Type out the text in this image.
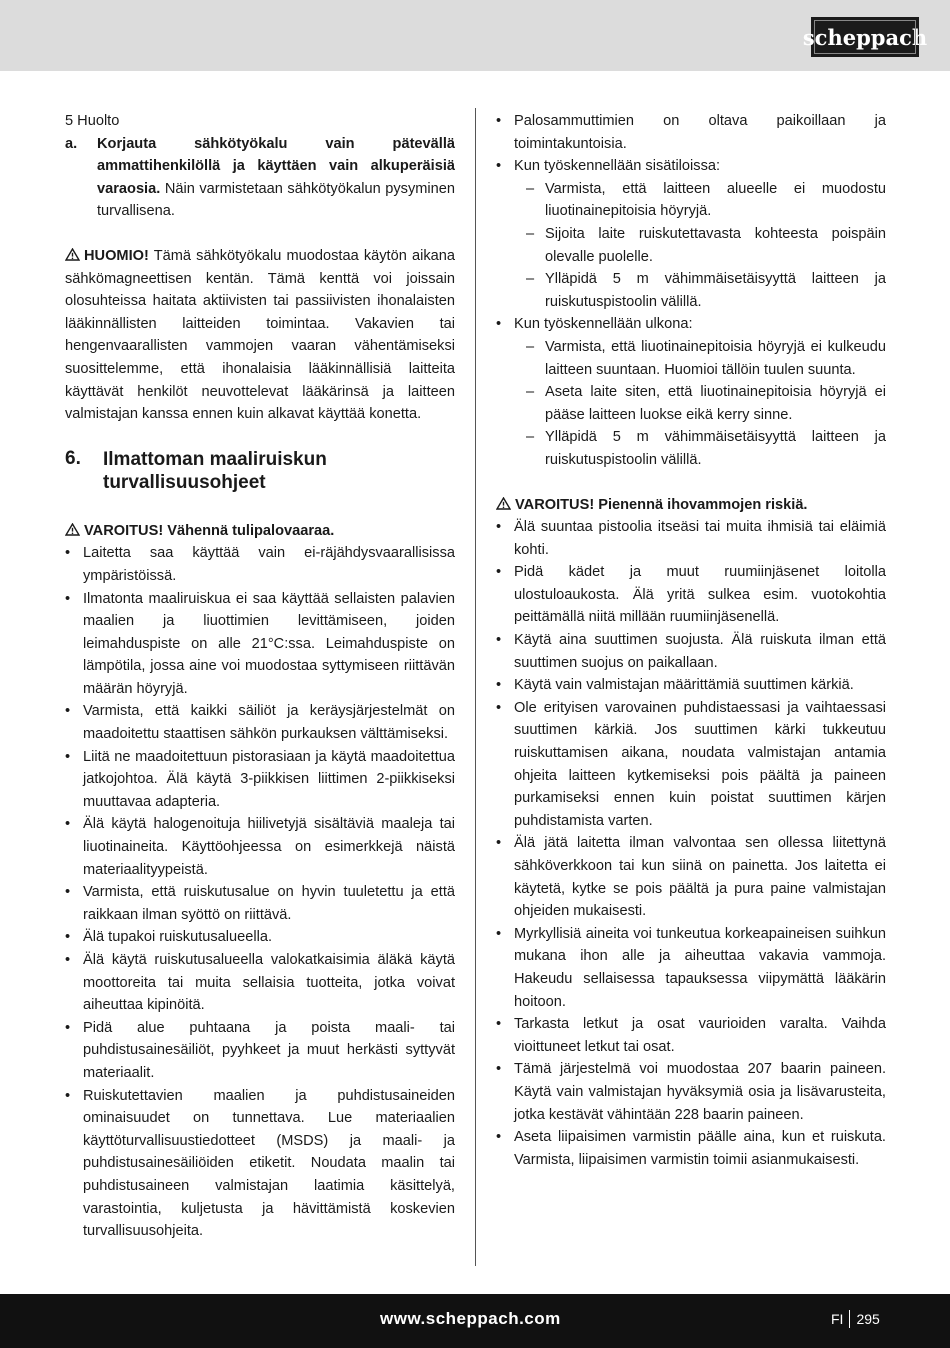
scheppach

5 Huolto

a.	Korjauta sähkötyökalu vain pätevällä ammattihenkilöllä ja käyttäen vain alkuperäisiä varaosia. Näin varmistetaan sähkötyökalun pysyminen turvallisena.

HUOMIO! Tämä sähkötyökalu muodostaa käytön aikana sähkömagneettisen kentän. Tämä kenttä voi joissain olosuhteissa haitata aktiivisten tai passiivisten ihonalaisten lääkinnällisten laitteiden toimintaa. Vakavien tai hengenvaarallisten vammojen vaaran vähentämiseksi suosittelemme, että ihonalaisia lääkinnällisiä laitteita käyttävät henkilöt neuvottelevat lääkärinsä ja laitteen valmistajan kanssa ennen kuin alkavat käyttää konetta.

6.	Ilmattoman maaliruiskun turvallisuusohjeet

VAROITUS! Vähennä tulipalovaaraa.

• Laitetta saa käyttää vain ei-räjähdysvaarallisissa ympäristöissä.
• Ilmatonta maaliruiskua ei saa käyttää sellaisten palavien maalien ja liuottimien levittämiseen, joiden leimahduspiste on alle 21°C:ssa. Leimahduspiste on lämpötila, jossa aine voi muodostaa syttymiseen riittävän määrän höyryjä.
• Varmista, että kaikki säiliöt ja keräysjärjestelmät on maadoitettu staattisen sähkön purkauksen välttämiseksi.
• Liitä ne maadoitettuun pistorasiaan ja käytä maadoitettua jatkojohtoa. Älä käytä 3-piikkisen liittimen 2-piikkiseksi muuttavaa adapteria.
• Älä käytä halogenoituja hiilivetyjä sisältäviä maaleja tai liuotinaineita. Käyttöohjeessa on esimerkkejä näistä materiaalityypeistä.
• Varmista, että ruiskutusalue on hyvin tuuletettu ja että raikkaan ilman syöttö on riittävä.
• Älä tupakoi ruiskutusalueella.
• Älä käytä ruiskutusalueella valokatkaisimia äläkä käytä moottoreita tai muita sellaisia tuotteita, jotka voivat aiheuttaa kipinöitä.
• Pidä alue puhtaana ja poista maali- tai puhdistusainesäiliöt, pyyhkeet ja muut herkästi syttyvät materiaalit.
• Ruiskutettavien maalien ja puhdistusaineiden ominaisuudet on tunnettava. Lue materiaalien käyttöturvallisuustiedotteet (MSDS) ja maali- ja puhdistusainesäiliöiden etiketit. Noudata maalin tai puhdistusaineen valmistajan laatimia käsittelyä, varastointia, kuljetusta ja hävittämistä koskevien turvallisuusohjeita.
• Palosammuttimien on oltava paikoillaan ja toimintakuntoisia.
• Kun työskennellään sisätiloissa:
– Varmista, että laitteen alueelle ei muodostu liuotinainepitoisia höyryjä.
– Sijoita laite ruiskutettavasta kohteesta poispäin olevalle puolelle.
– Ylläpidä 5 m vähimmäisetäisyyttä laitteen ja ruiskutuspistoolin välillä.
• Kun työskennellään ulkona:
– Varmista, että liuotinainepitoisia höyryjä ei kulkeudu laitteen suuntaan. Huomioi tällöin tuulen suunta.
– Aseta laite siten, että liuotinainepitoisia höyryjä ei pääse laitteen luokse eikä kerry sinne.
– Ylläpidä 5 m vähimmäisetäisyyttä laitteen ja ruiskutuspistoolin välillä.

VAROITUS! Pienennä ihovammojen riskiä.

• Älä suuntaa pistoolia itseäsi tai muita ihmisiä tai eläimiä kohti.
• Pidä kädet ja muut ruumiinjäsenet loitolla ulostuloaukosta. Älä yritä sulkea esim. vuotokohtia peittämällä niitä millään ruumiinjäsenellä.
• Käytä aina suuttimen suojusta. Älä ruiskuta ilman että suuttimen suojus on paikallaan.
• Käytä vain valmistajan määrittämiä suuttimen kärkiä.
• Ole erityisen varovainen puhdistaessasi ja vaihtaessasi suuttimen kärkiä. Jos suuttimen kärki tukkeutuu ruiskuttamisen aikana, noudata valmistajan antamia ohjeita laitteen kytkemiseksi pois päältä ja paineen purkamiseksi ennen kuin poistat suuttimen kärjen puhdistamista varten.
• Älä jätä laitetta ilman valvontaa sen ollessa liitettynä sähköverkkoon tai kun siinä on painetta. Jos laitetta ei käytetä, kytke se pois päältä ja pura paine valmistajan ohjeiden mukaisesti.
• Myrkyllisiä aineita voi tunkeutua korkeapaineisen suihkun mukana ihon alle ja aiheuttaa vakavia vammoja. Hakeudu sellaisessa tapauksessa viipymättä lääkärin hoitoon.
• Tarkasta letkut ja osat vaurioiden varalta. Vaihda vioittuneet letkut tai osat.
• Tämä järjestelmä voi muodostaa 207 baarin paineen. Käytä vain valmistajan hyväksymiä osia ja lisävarusteita, jotka kestävät vähintään 228 baarin paineen.
• Aseta liipaisimen varmistin päälle aina, kun et ruiskuta. Varmista, liipaisimen varmistin toimii asianmukaisesti.
www.scheppach.com	FI 295
